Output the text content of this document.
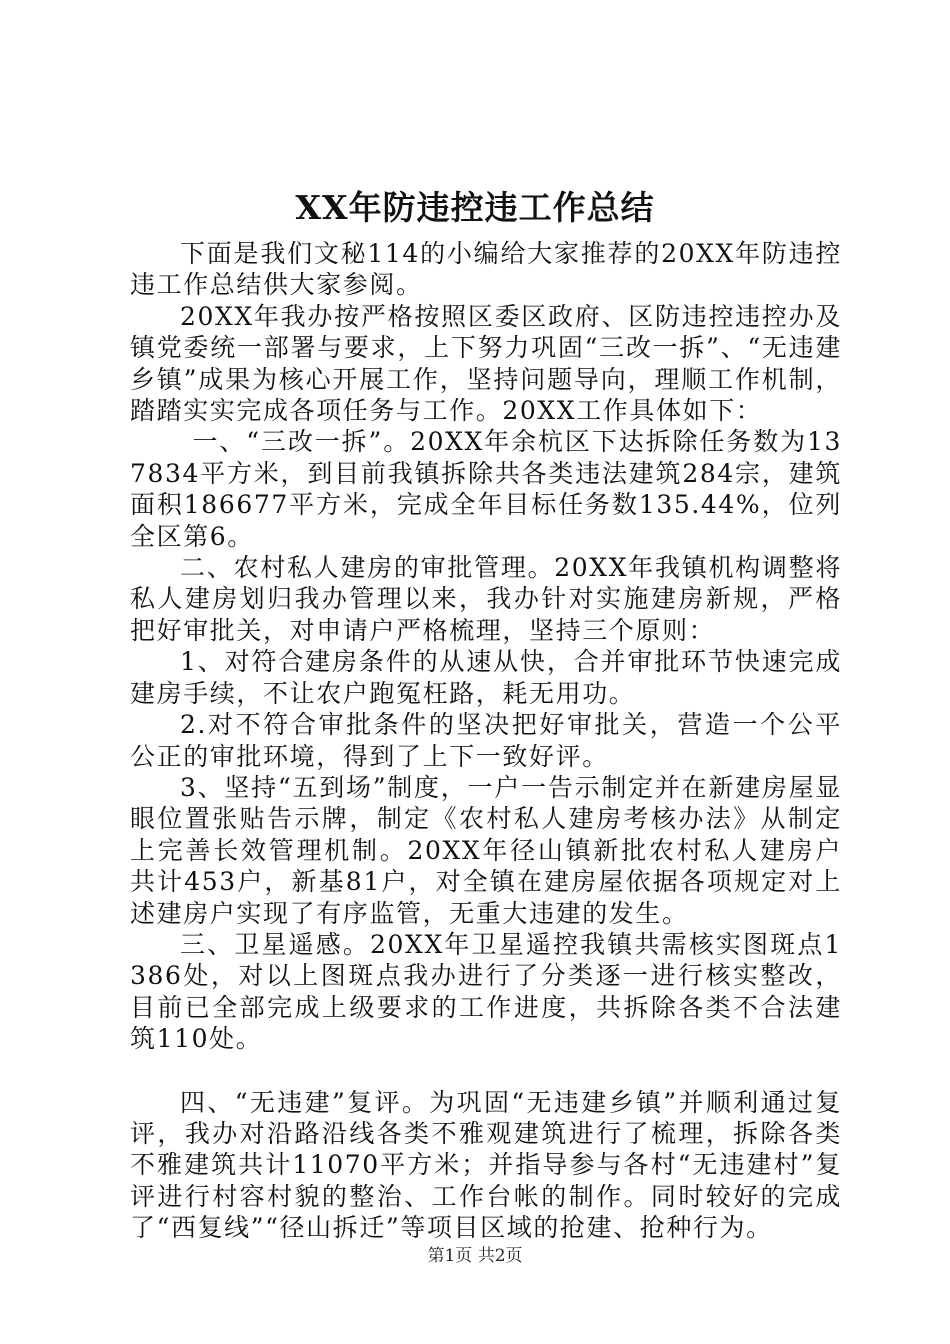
XX年防违控违工作总结

下面是我们文秘114的小编给大家推荐的20XX年防违控违工作总结供大家参阅。

20XX年我办按严格按照区委区政府、区防违控违控办及镇党委统一部署与要求，上下努力巩固“三改一拆”、“无违建乡镇”成果为核心开展工作，坚持问题导向，理顺工作机制，踏踏实实完成各项任务与工作。20XX工作具体如下：

一、“三改一拆”。20XX年余杭区下达拆除任务数为137834平方米，到目前我镇拆除共各类违法建筑284宗，建筑面积186677平方米，完成全年目标任务数135.44%，位列全区第6。

二、农村私人建房的审批管理。20XX年我镇机构调整将私人建房划归我办管理以来，我办针对实施建房新规，严格把好审批关，对申请户严格梳理，坚持三个原则：

1、对符合建房条件的从速从快，合并审批环节快速完成建房手续，不让农户跑冤枉路，耗无用功。

2.对不符合审批条件的坚决把好审批关，营造一个公平公正的审批环境，得到了上下一致好评。

3、坚持“五到场”制度，一户一告示制定并在新建房屋显眼位置张贴告示牌，制定《农村私人建房考核办法》从制定上完善长效管理机制。20XX年径山镇新批农村私人建房户共计453户，新基81户，对全镇在建房屋依据各项规定对上述建房户实现了有序监管，无重大违建的发生。

三、卫星遥感。20XX年卫星遥控我镇共需核实图斑点1386处，对以上图斑点我办进行了分类逐一进行核实整改，目前已全部完成上级要求的工作进度，共拆除各类不合法建筑110处。

四、“无违建”复评。为巩固“无违建乡镇”并顺利通过复评，我办对沿路沿线各类不雅观建筑进行了梳理，拆除各类不雅建筑共计11070平方米；并指导参与各村“无违建村”复评进行村容村貌的整治、工作台帐的制作。同时较好的完成了“西复线”“径山拆迁”等项目区域的抢建、抢种行为。

第1页 共2页
